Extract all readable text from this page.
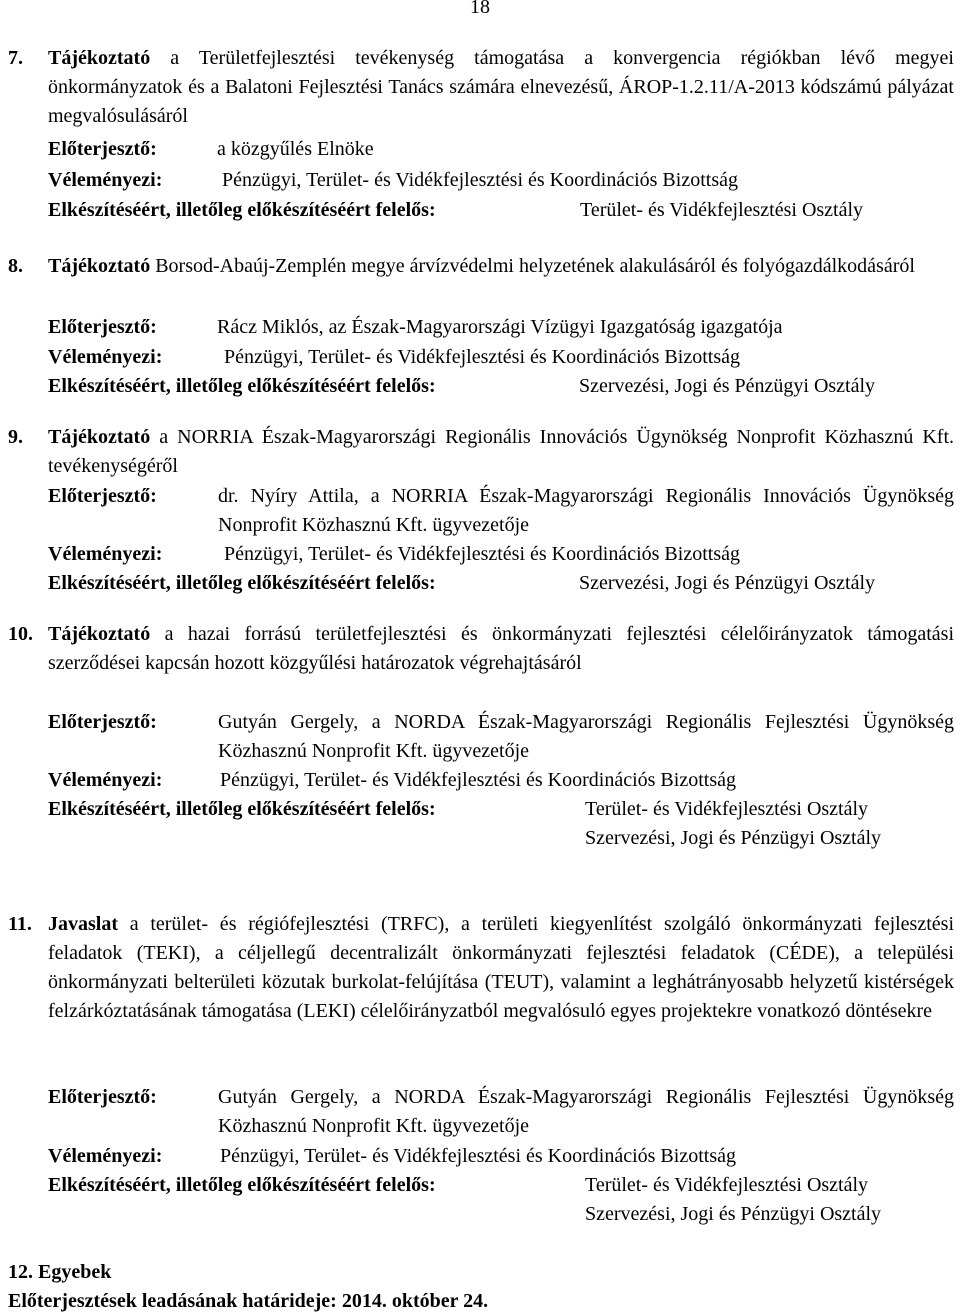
18
7. Tájékoztató a Területfejlesztési tevékenység támogatása a konvergencia régiókban lévő megyei önkormányzatok és a Balatoni Fejlesztési Tanács számára elnevezésű, ÁROP-1.2.11/A-2013 kódszámú pályázat megvalósulásáról
Előterjesztő:	a közgyűlés Elnöke
Véleményezi:	Pénzügyi, Terület- és Vidékfejlesztési és Koordinációs Bizottság
Elkészítéséért, illetőleg előkészítéséért felelős:	Terület- és Vidékfejlesztési Osztály
8. Tájékoztató Borsod-Abaúj-Zemplén megye árvízvédelmi helyzetének alakulásáról és folyógazdálkodásáról
Előterjesztő:	Rácz Miklós, az Észak-Magyarországi Vízügyi Igazgatóság igazgatója
Véleményezi:	Pénzügyi, Terület- és Vidékfejlesztési és Koordinációs Bizottság
Elkészítéséért, illetőleg előkészítéséért felelős:	Szervezési, Jogi és Pénzügyi Osztály
9. Tájékoztató a NORRIA Észak-Magyarországi Regionális Innovációs Ügynökség Nonprofit Közhasznú Kft. tevékenységéről
Előterjesztő:	dr. Nyíry Attila, a NORRIA Észak-Magyarországi Regionális Innovációs Ügynökség Nonprofit Közhasznú Kft. ügyvezetője
Véleményezi:	Pénzügyi, Terület- és Vidékfejlesztési és Koordinációs Bizottság
Elkészítéséért, illetőleg előkészítéséért felelős:	Szervezési, Jogi és Pénzügyi Osztály
10. Tájékoztató a hazai forrású területfejlesztési és önkormányzati fejlesztési célelőirányzatok támogatási szerződései kapcsán hozott közgyűlési határozatok végrehajtásáról
Előterjesztő:	Gutyán Gergely, a NORDA Észak-Magyarországi Regionális Fejlesztési Ügynökség Közhasznú Nonprofit Kft. ügyvezetője
Véleményezi:	Pénzügyi, Terület- és Vidékfejlesztési és Koordinációs Bizottság
Elkészítéséért, illetőleg előkészítéséért felelős:	Terület- és Vidékfejlesztési Osztály
Szervezési, Jogi és Pénzügyi Osztály
11. Javaslat a terület- és régiófejlesztési (TRFC), a területi kiegyenlítést szolgáló önkormányzati fejlesztési feladatok (TEKI), a céljellegű decentralizált önkormányzati fejlesztési feladatok (CÉDE), a települési önkormányzati belterületi közutak burkolat-felújítása (TEUT), valamint a leghátrányosabb helyzetű kistérségek felzárkóztatásának támogatása (LEKI) célelőirányzatból megvalósuló egyes projektekre vonatkozó döntésekre
Előterjesztő:	Gutyán Gergely, a NORDA Észak-Magyarországi Regionális Fejlesztési Ügynökség Közhasznú Nonprofit Kft. ügyvezetője
Véleményezi:	Pénzügyi, Terület- és Vidékfejlesztési és Koordinációs Bizottság
Elkészítéséért, illetőleg előkészítéséért felelős:	Terület- és Vidékfejlesztési Osztály
Szervezési, Jogi és Pénzügyi Osztály
12. Egyebek
Előterjesztések leadásának határideje: 2014. október 24.
